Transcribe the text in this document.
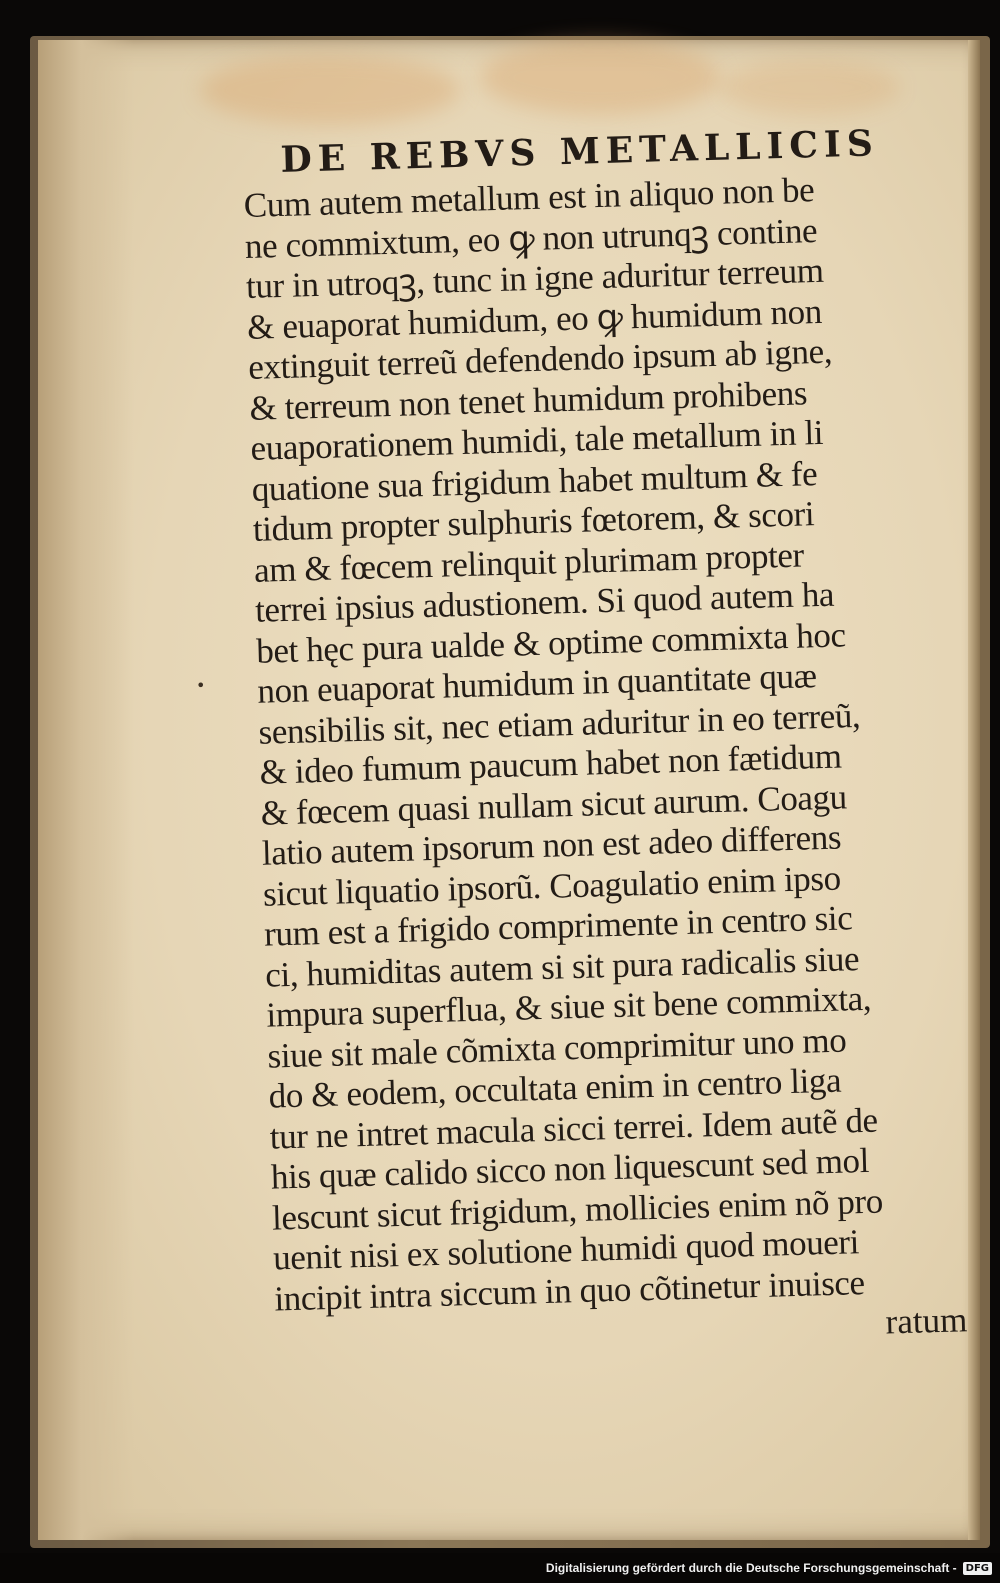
•
DE REBVS METALLICIS
Cum autem metallum est in aliquo non be
ne commixtum, eo ꝙ non utrunqꝫ contine
tur in utroqꝫ, tunc in igne aduritur terreum
& euaporat humidum, eo ꝙ humidum non
extinguit terreũ defendendo ipsum ab igne,
& terreum non tenet humidum prohibens
euaporationem humidi, tale metallum in li
quatione sua frigidum habet multum & fe
tidum propter sulphuris fœtorem, & scori
am & fœcem relinquit plurimam propter
terrei ipsius adustionem. Si quod autem ha
bet hęc pura ualde & optime commixta hoc
non euaporat humidum in quantitate quæ
sensibilis sit, nec etiam aduritur in eo terreũ,
& ideo fumum paucum habet non fætidum
& fœcem quasi nullam sicut aurum. Coagu
latio autem ipsorum non est adeo differens
sicut liquatio ipsorũ. Coagulatio enim ipso
rum est a frigido comprimente in centro sic
ci, humiditas autem si sit pura radicalis siue
impura superflua, & siue sit bene commixta,
siue sit male cõmixta comprimitur uno mo
do & eodem, occultata enim in centro liga
tur ne intret macula sicci terrei. Idem autẽ de
his quæ calido sicco non liquescunt sed mol
lescunt sicut frigidum, mollicies enim nõ pro
uenit nisi ex solutione humidi quod moueri
incipit intra siccum in quo cõtinetur inuisce
ratum
Digitalisierung gefördert durch die Deutsche Forschungsgemeinschaft - DFG
